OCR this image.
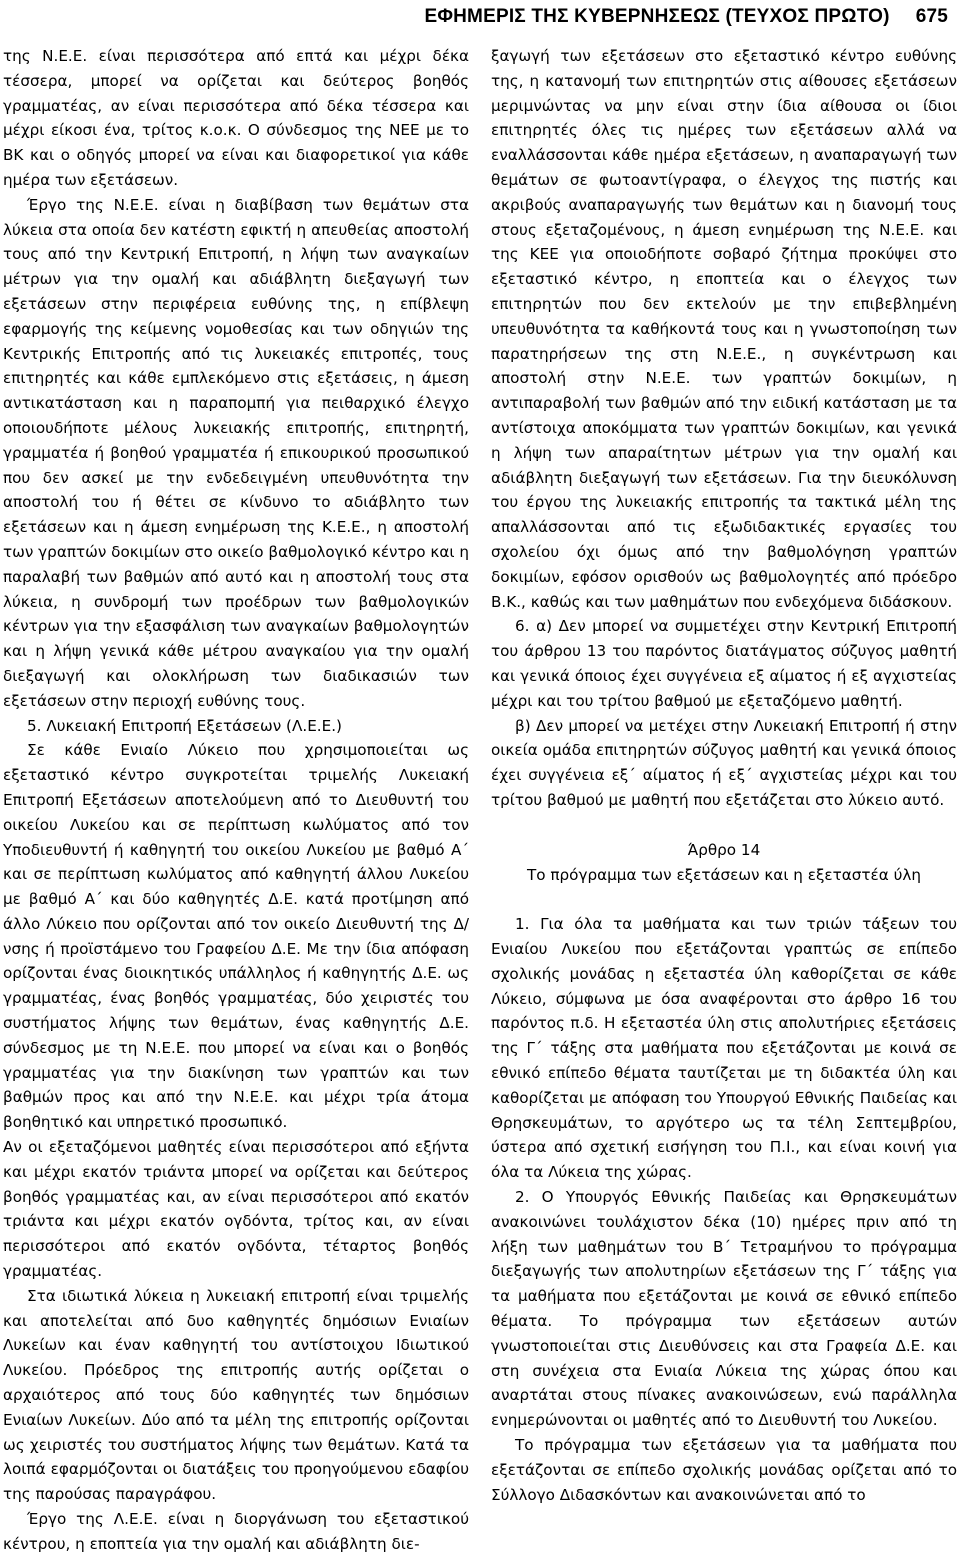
ΕΦΗΜΕΡΙΣ ΤΗΣ ΚΥΒΕΡΝΗΣΕΩΣ (ΤΕΥΧΟΣ ΠΡΩΤΟ) 675

της Ν.Ε.Ε. είναι περισσότερα από επτά και μέχρι δέκα τέσσερα, μπορεί να ορίζεται και δεύτερος βοηθός γραμματέας, αν είναι περισσότερα από δέκα τέσσερα και μέχρι είκοσι ένα, τρίτος κ.ο.κ. Ο σύνδεσμος της ΝΕΕ με το ΒΚ και ο οδηγός μπορεί να είναι και διαφορετικοί για κάθε ημέρα των εξετάσεων.

Έργο της Ν.Ε.Ε. είναι η διαβίβαση των θεμάτων στα λύκεια στα οποία δεν κατέστη εφικτή η απευθείας αποστολή τους από την Κεντρική Επιτροπή, η λήψη των αναγκαίων μέτρων για την ομαλή και αδιάβλητη διεξαγωγή των εξετάσεων στην περιφέρεια ευθύνης της, η επίβλεψη εφαρμογής της κείμενης νομοθεσίας και των οδηγιών της Κεντρικής Επιτροπής από τις λυκειακές επιτροπές, τους επιτηρητές και κάθε εμπλεκόμενο στις εξετάσεις, η άμεση αντικατάσταση και η παραπομπή για πειθαρχικό έλεγχο οποιουδήποτε μέλους λυκειακής επιτροπής, επιτηρητή, γραμματέα ή βοηθού γραμματέα ή επικουρικού προσωπικού που δεν ασκεί με την ενδεδειγμένη υπευθυνότητα την αποστολή του ή θέτει σε κίνδυνο το αδιάβλητο των εξετάσεων και η άμεση ενημέρωση της Κ.Ε.Ε., η αποστολή των γραπτών δοκιμίων στο οικείο βαθμολογικό κέντρο και η παραλαβή των βαθμών από αυτό και η αποστολή τους στα λύκεια, η συνδρομή των προέδρων των βαθμολογικών κέντρων για την εξασφάλιση των αναγκαίων βαθμολογητών και η λήψη γενικά κάθε μέτρου αναγκαίου για την ομαλή διεξαγωγή και ολοκλήρωση των διαδικασιών των εξετάσεων στην περιοχή ευθύνης τους.

5. Λυκειακή Επιτροπή Εξετάσεων (Λ.Ε.Ε.)

Σε κάθε Ενιαίο Λύκειο που χρησιμοποιείται ως εξεταστικό κέντρο συγκροτείται τριμελής Λυκειακή Επιτροπή Εξετάσεων αποτελούμενη από το Διευθυντή του οικείου Λυκείου και σε περίπτωση κωλύματος από τον Υποδιευθυντή ή καθηγητή του οικείου Λυκείου με βαθμό Α΄ και σε περίπτωση κωλύματος από καθηγητή άλλου Λυκείου με βαθμό Α΄ και δύο καθηγητές Δ.Ε. κατά προτίμηση από άλλο Λύκειο που ορίζονται από τον οικείο Διευθυντή της Δ/νσης ή προϊστάμενο του Γραφείου Δ.Ε. Με την ίδια απόφαση ορίζονται ένας διοικητικός υπάλληλος ή καθηγητής Δ.Ε. ως γραμματέας, ένας βοηθός γραμματέας, δύο χειριστές του συστήματος λήψης των θεμάτων, ένας καθηγητής Δ.Ε. σύνδεσμος με τη Ν.Ε.Ε. που μπορεί να είναι και ο βοηθός γραμματέας για την διακίνηση των γραπτών και των βαθμών προς και από την Ν.Ε.Ε. και μέχρι τρία άτομα βοηθητικό και υπηρετικό προσωπικό.

Αν οι εξεταζόμενοι μαθητές είναι περισσότεροι από εξήντα και μέχρι εκατόν τριάντα μπορεί να ορίζεται και δεύτερος βοηθός γραμματέας και, αν είναι περισσότεροι από εκατόν τριάντα και μέχρι εκατόν ογδόντα, τρίτος και, αν είναι περισσότεροι από εκατόν ογδόντα, τέταρτος βοηθός γραμματέας.

Στα ιδιωτικά λύκεια η λυκειακή επιτροπή είναι τριμελής και αποτελείται από δυο καθηγητές δημόσιων Ενιαίων Λυκείων και έναν καθηγητή του αντίστοιχου Ιδιωτικού Λυκείου. Πρόεδρος της επιτροπής αυτής ορίζεται ο αρχαιότερος από τους δύο καθηγητές των δημόσιων Ενιαίων Λυκείων. Δύο από τα μέλη της επιτροπής ορίζονται ως χειριστές του συστήματος λήψης των θεμάτων. Κατά τα λοιπά εφαρμόζονται οι διατάξεις του προηγούμενου εδαφίου της παρούσας παραγράφου.

Έργο της Λ.Ε.Ε. είναι η διοργάνωση του εξεταστικού κέντρου, η εποπτεία για την ομαλή και αδιάβλητη διε-

ξαγωγή των εξετάσεων στο εξεταστικό κέντρο ευθύνης της, η κατανομή των επιτηρητών στις αίθουσες εξετάσεων μεριμνώντας να μην είναι στην ίδια αίθουσα οι ίδιοι επιτηρητές όλες τις ημέρες των εξετάσεων αλλά να εναλλάσσονται κάθε ημέρα εξετάσεων, η αναπαραγωγή των θεμάτων σε φωτοαντίγραφα, ο έλεγχος της πιστής και ακριβούς αναπαραγωγής των θεμάτων και η διανομή τους στους εξεταζομένους, η άμεση ενημέρωση της Ν.Ε.Ε. και της ΚΕΕ για οποιοδήποτε σοβαρό ζήτημα προκύψει στο εξεταστικό κέντρο, η εποπτεία και ο έλεγχος των επιτηρητών που δεν εκτελούν με την επιβεβλημένη υπευθυνότητα τα καθήκοντά τους και η γνωστοποίηση των παρατηρήσεων της στη Ν.Ε.Ε., η συγκέντρωση και αποστολή στην Ν.Ε.Ε. των γραπτών δοκιμίων, η αντιπαραβολή των βαθμών από την ειδική κατάσταση με τα αντίστοιχα αποκόμματα των γραπτών δοκιμίων, και γενικά η λήψη των απαραίτητων μέτρων για την ομαλή και αδιάβλητη διεξαγωγή των εξετάσεων. Για την διευκόλυνση του έργου της λυκειακής επιτροπής τα τακτικά μέλη της απαλλάσσονται από τις εξωδιδακτικές εργασίες του σχολείου όχι όμως από την βαθμολόγηση γραπτών δοκιμίων, εφόσον ορισθούν ως βαθμολογητές από πρόεδρο Β.Κ., καθώς και των μαθημάτων που ενδεχόμενα διδάσκουν.

6. α) Δεν μπορεί να συμμετέχει στην Κεντρική Επιτροπή του άρθρου 13 του παρόντος διατάγματος σύζυγος μαθητή και γενικά όποιος έχει συγγένεια εξ αίματος ή εξ αγχιστείας μέχρι και του τρίτου βαθμού με εξεταζόμενο μαθητή.

β) Δεν μπορεί να μετέχει στην Λυκειακή Επιτροπή ή στην οικεία ομάδα επιτηρητών σύζυγος μαθητή και γενικά όποιος έχει συγγένεια εξ΄ αίματος ή εξ΄ αγχιστείας μέχρι και του τρίτου βαθμού με μαθητή που εξετάζεται στο λύκειο αυτό.

Άρθρο 14

Το πρόγραμμα των εξετάσεων και η εξεταστέα ύλη

1. Για όλα τα μαθήματα και των τριών τάξεων του Ενιαίου Λυκείου που εξετάζονται γραπτώς σε επίπεδο σχολικής μονάδας η εξεταστέα ύλη καθορίζεται σε κάθε Λύκειο, σύμφωνα με όσα αναφέρονται στο άρθρο 16 του παρόντος π.δ. Η εξεταστέα ύλη στις απολυτήριες εξετάσεις της Γ΄ τάξης στα μαθήματα που εξετάζονται με κοινά σε εθνικό επίπεδο θέματα ταυτίζεται με τη διδακτέα ύλη και καθορίζεται με απόφαση του Υπουργού Εθνικής Παιδείας και Θρησκευμάτων, το αργότερο ως τα τέλη Σεπτεμβρίου, ύστερα από σχετική εισήγηση του Π.Ι., και είναι κοινή για όλα τα Λύκεια της χώρας.

2. Ο Υπουργός Εθνικής Παιδείας και Θρησκευμάτων ανακοινώνει τουλάχιστον δέκα (10) ημέρες πριν από τη λήξη των μαθημάτων του Β΄ Τετραμήνου το πρόγραμμα διεξαγωγής των απολυτηρίων εξετάσεων της Γ΄ τάξης για τα μαθήματα που εξετάζονται με κοινά σε εθνικό επίπεδο θέματα. Το πρόγραμμα των εξετάσεων αυτών γνωστοποιείται στις Διευθύνσεις και στα Γραφεία Δ.Ε. και στη συνέχεια στα Ενιαία Λύκεια της χώρας όπου και αναρτάται στους πίνακες ανακοινώσεων, ενώ παράλληλα ενημερώνονται οι μαθητές από το Διευθυντή του Λυκείου.

Το πρόγραμμα των εξετάσεων για τα μαθήματα που εξετάζονται σε επίπεδο σχολικής μονάδας ορίζεται από το Σύλλογο Διδασκόντων και ανακοινώνεται από το
